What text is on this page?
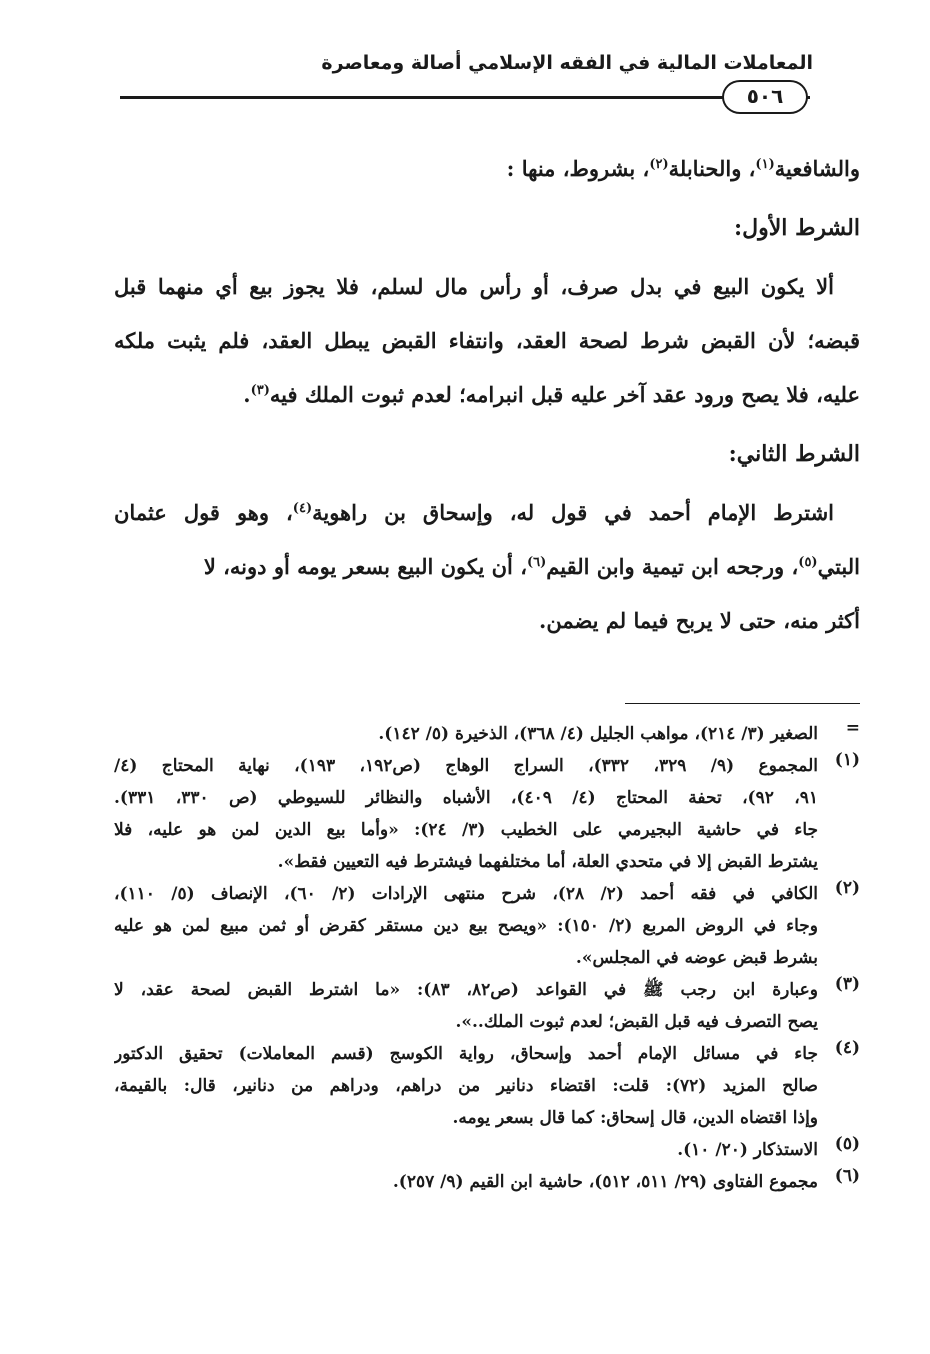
المعاملات المالية في الفقه الإسلامي أصالة ومعاصرة
٥٠٦
والشافعية$^{(١)}$، والحنابلة$^{(٢)}$، بشروط، منها :
الشرط الأول:
ألا يكون البيع في بدل صرف، أو رأس مال لسلم، فلا يجوز بيع أي منهما قبل
قبضه؛ لأن القبض شرط لصحة العقد، وانتفاء القبض يبطل العقد، فلم يثبت ملكه
عليه، فلا يصح ورود عقد آخر عليه قبل انبرامه؛ لعدم ثبوت الملك فيه$^{(٣)}$.
الشرط الثاني:
اشترط الإمام أحمد في قول له، وإسحاق بن راهوية$^{(٤)}$، وهو قول عثمان
البتي$^{(٥)}$، ورجحه ابن تيمية وابن القيم$^{(٦)}$، أن يكون البيع بسعر يومه أو دونه، لا
أكثر منه، حتى لا يربح فيما لم يضمن.
=
الصغير (٣/ ٢١٤)، مواهب الجليل (٤/ ٣٦٨)، الذخيرة (٥/ ١٤٢).
(١)
المجموع (٩/ ٣٢٩، ٣٣٢)، السراج الوهاج (ص١٩٢، ١٩٣)، نهاية المحتاج (٤/
٩١، ٩٢)، تحفة المحتاج (٤/ ٤٠٩)، الأشباه والنظائر للسيوطي (ص ٣٣٠، ٣٣١).
جاء في حاشية البجيرمي على الخطيب (٣/ ٢٤): «وأما بيع الدين لمن هو عليه، فلا
يشترط القبض إلا في متحدي العلة، أما مختلفهما فيشترط فيه التعيين فقط».
(٢)
الكافي في فقه أحمد (٢/ ٢٨)، شرح منتهى الإرادات (٢/ ٦٠)، الإنصاف (٥/ ١١٠)،
وجاء في الروض المربع (٢/ ١٥٠): «ويصح بيع دين مستقر كقرض أو ثمن مبيع لمن هو عليه
بشرط قبض عوضه في المجلس».
(٣)
وعبارة ابن رجب ﷺ في القواعد (ص٨٢، ٨٣): «ما اشترط القبض لصحة عقد، لا
يصح التصرف فيه قبل القبض؛ لعدم ثبوت الملك..».
(٤)
جاء في مسائل الإمام أحمد وإسحاق، رواية الكوسج (قسم المعاملات) تحقيق الدكتور
صالح المزيد (٧٢): قلت: اقتضاء دنانير من دراهم، ودراهم من دنانير، قال: بالقيمة،
وإذا اقتضاه الدين، قال إسحاق: كما قال بسعر يومه.
(٥)
الاستذكار (٢٠/ ١٠).
(٦)
مجموع الفتاوى (٢٩/ ٥١١، ٥١٢)، حاشية ابن القيم (٩/ ٢٥٧).
